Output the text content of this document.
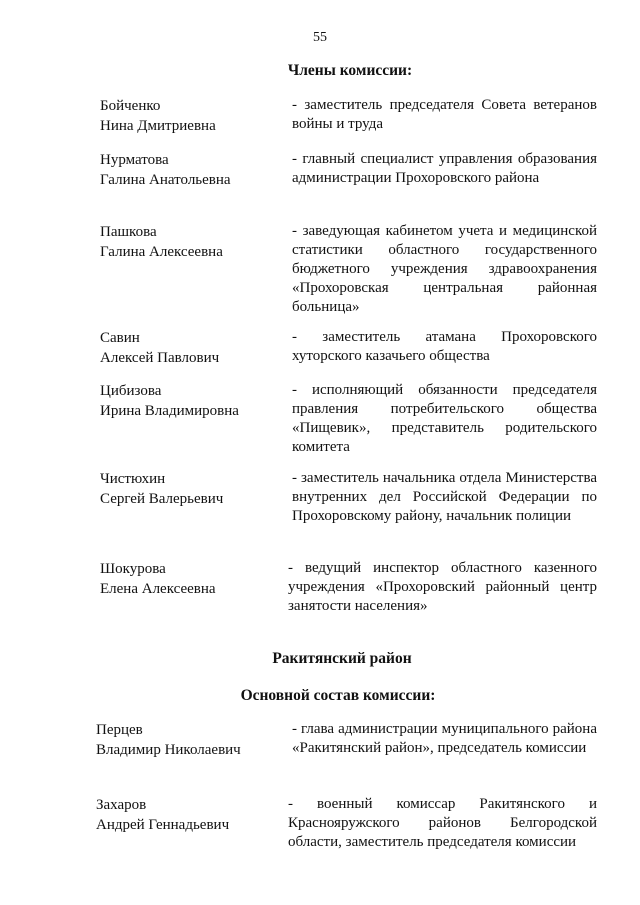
55
Члены комиссии:
Бойченко
Нина Дмитриевна
- заместитель председателя Совета ветеранов войны и труда
Нурматова
Галина Анатольевна
- главный специалист управления образования администрации Прохоровского района
Пашкова
Галина Алексеевна
- заведующая кабинетом учета и медицинской статистики областного государственного бюджетного учреждения здравоохранения «Прохоровская центральная районная больница»
Савин
Алексей Павлович
- заместитель атамана Прохоровского хуторского казачьего общества
Цибизова
Ирина Владимировна
- исполняющий обязанности председателя правления потребительского общества «Пищевик», представитель родительского комитета
Чистюхин
Сергей Валерьевич
- заместитель начальника отдела Министерства внутренних дел Российской Федерации по Прохоровскому району, начальник полиции
Шокурова
Елена Алексеевна
- ведущий инспектор областного казенного учреждения «Прохоровский районный центр занятости населения»
Ракитянский район
Основной состав комиссии:
Перцев
Владимир Николаевич
- глава администрации муниципального района «Ракитянский район», председатель комиссии
Захаров
Андрей Геннадьевич
- военный комиссар Ракитянского и Краснояружского районов Белгородской области, заместитель председателя комиссии
